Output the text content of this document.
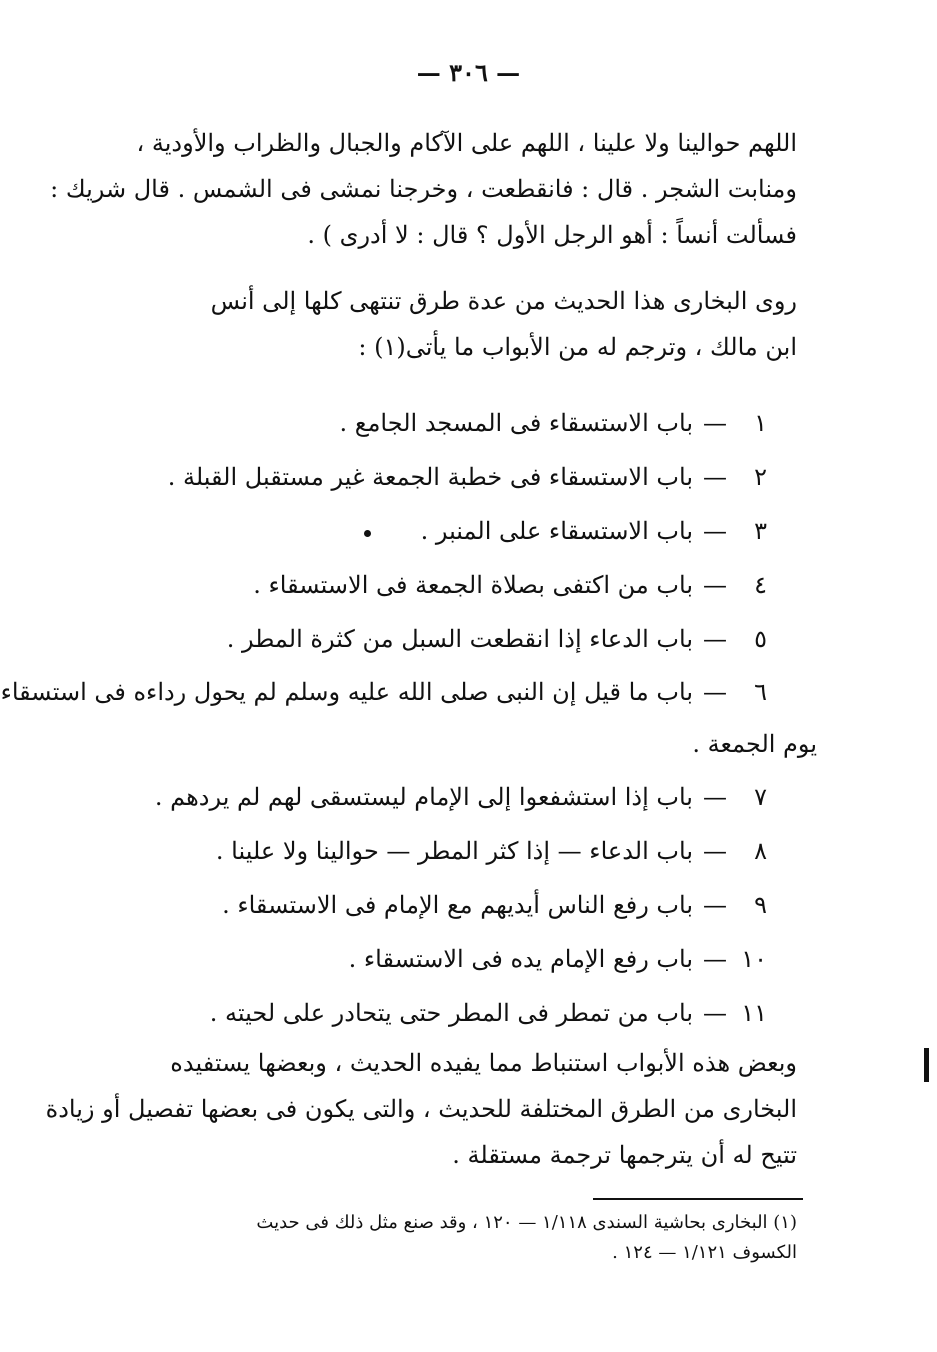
— ٣٠٦ —
اللهم حوالينا ولا علينا ، اللهم على الآكام والجبال والظراب والأودية ،
ومنابت الشجر . قال : فانقطعت ، وخرجنا نمشى فى الشمس . قال شريك :
فسألت أنساً : أهو الرجل الأول ؟ قال : لا أدرى ) .
روى البخارى هذا الحديث من عدة طرق تنتهى كلها إلى أنس
ابن مالك ، وترجم له من الأبواب ما يأتى(١) :
١—باب الاستسقاء فى المسجد الجامع .
٢—باب الاستسقاء فى خطبة الجمعة غير مستقبل القبلة .
٣—باب الاستسقاء على المنبر .
٤—باب من اكتفى بصلاة الجمعة فى الاستسقاء .
٥—باب الدعاء إذا انقطعت السبل من كثرة المطر .
٦—باب ما قيل إن النبى صلى الله عليه وسلم لم يحول رداءه فى استسقاء
يوم الجمعة .
٧—باب إذا استشفعوا إلى الإمام ليستسقى لهم لم يردهم .
٨—باب الدعاء — إذا كثر المطر — حوالينا ولا علينا .
٩—باب رفع الناس أيديهم مع الإمام فى الاستسقاء .
١٠—باب رفع الإمام يده فى الاستسقاء .
١١—باب من تمطر فى المطر حتى يتحادر على لحيته .
وبعض هذه الأبواب استنباط مما يفيده الحديث ، وبعضها يستفيده
البخارى من الطرق المختلفة للحديث ، والتى يكون فى بعضها تفصيل أو زيادة
تتيح له أن يترجمها ترجمة مستقلة .
(١) البخارى بحاشية السندى ١/١١٨ — ١٢٠ ، وقد صنع مثل ذلك فى حديث
الكسوف ١/١٢١ — ١٢٤ .
